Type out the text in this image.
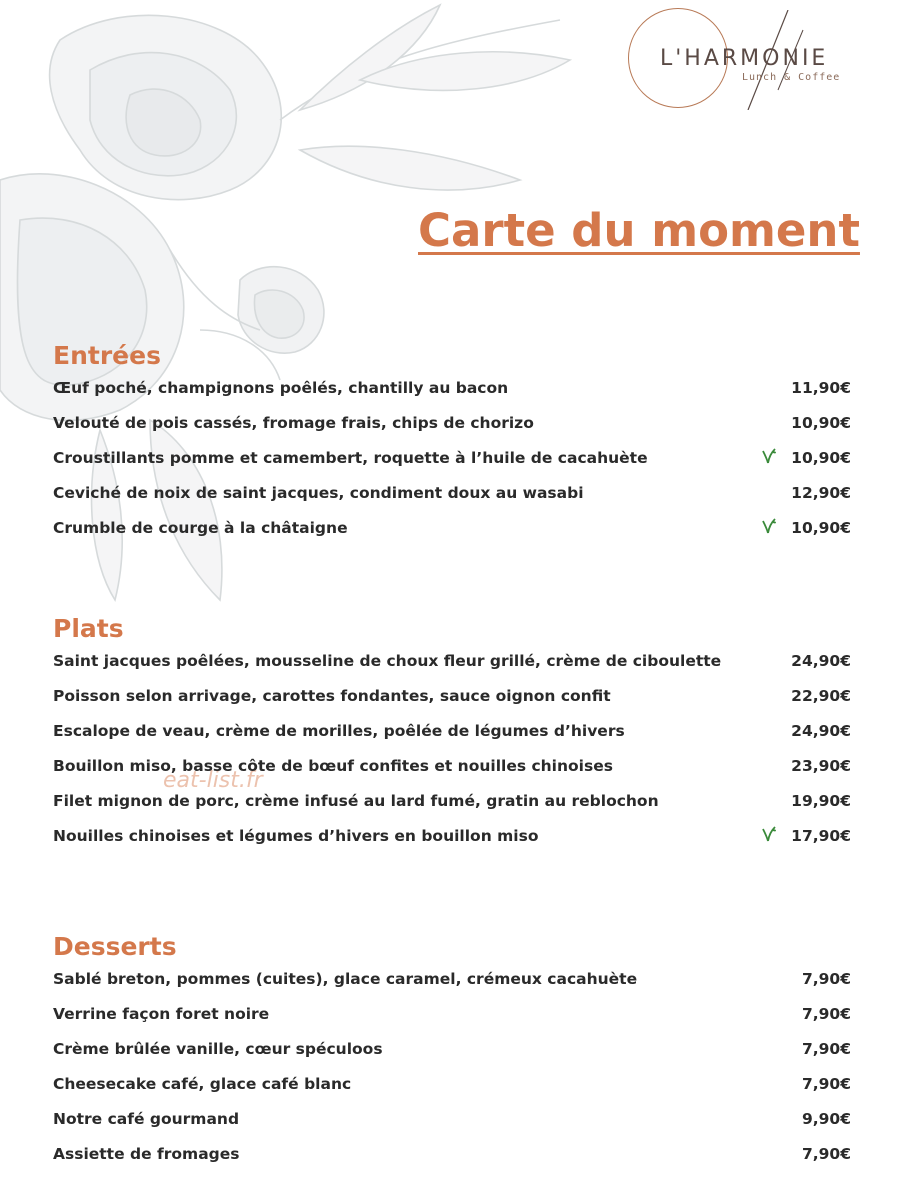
L'HARMONIE
Lunch & Coffee
Carte du moment
eat-list.fr
Entrées
Œuf poché, champignons poêlés, chantilly au bacon	11,90€
Velouté de pois cassés, fromage frais, chips de chorizo	10,90€
Croustillants pomme et camembert, roquette à l’huile de cacahuète	10,90€
Ceviché de noix de saint jacques, condiment doux au wasabi	12,90€
Crumble de courge à la châtaigne	10,90€
Plats
Saint jacques poêlées, mousseline de choux fleur grillé, crème de ciboulette	24,90€
Poisson selon arrivage, carottes fondantes, sauce oignon confit	22,90€
Escalope de veau, crème de morilles, poêlée de légumes d’hivers	24,90€
Bouillon miso, basse côte de bœuf confites et nouilles chinoises	23,90€
Filet mignon de porc, crème infusé au lard fumé, gratin au reblochon	19,90€
Nouilles chinoises et légumes d’hivers en bouillon miso	17,90€
Desserts
Sablé breton, pommes (cuites), glace caramel, crémeux cacahuète	7,90€
Verrine façon foret noire	7,90€
Crème brûlée vanille, cœur spéculoos	7,90€
Cheesecake café, glace café blanc	7,90€
Notre café gourmand	9,90€
Assiette de fromages	7,90€
